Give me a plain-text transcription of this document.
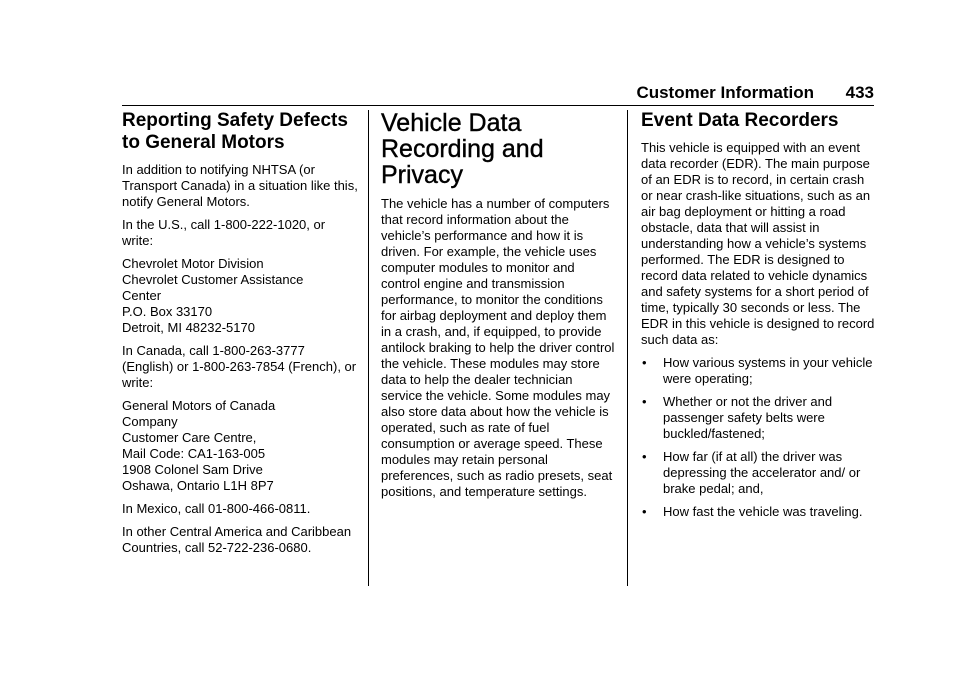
Customer Information 433
Reporting Safety Defects
to General Motors

In addition to notifying NHTSA (or Transport Canada) in a situation like this, notify General Motors.

In the U.S., call 1-800-222-1020, or write:

Chevrolet Motor Division
Chevrolet Customer Assistance
Center
P.O. Box 33170
Detroit, MI 48232-5170

In Canada, call 1-800-263-3777 (English) or 1-800-263-7854 (French), or write:

General Motors of Canada
Company
Customer Care Centre,
Mail Code: CA1-163-005
1908 Colonel Sam Drive
Oshawa, Ontario L1H 8P7

In Mexico, call 01-800-466-0811.

In other Central America and Caribbean Countries, call 52-722-236-0680.

Vehicle Data
Recording and
Privacy

The vehicle has a number of computers that record information about the vehicle’s performance and how it is driven. For example, the vehicle uses computer modules to monitor and control engine and transmission performance, to monitor the conditions for airbag deployment and deploy them in a crash, and, if equipped, to provide antilock braking to help the driver control the vehicle. These modules may store data to help the dealer technician service the vehicle. Some modules may also store data about how the vehicle is operated, such as rate of fuel consumption or average speed. These modules may retain personal preferences, such as radio presets, seat positions, and temperature settings.

Event Data Recorders

This vehicle is equipped with an event data recorder (EDR). The main purpose of an EDR is to record, in certain crash or near crash-like situations, such as an air bag deployment or hitting a road obstacle, data that will assist in understanding how a vehicle’s systems performed. The EDR is designed to record data related to vehicle dynamics and safety systems for a short period of time, typically 30 seconds or less. The EDR in this vehicle is designed to record such data as:

• How various systems in your vehicle were operating;
• Whether or not the driver and passenger safety belts were buckled/fastened;
• How far (if at all) the driver was depressing the accelerator and/ or brake pedal; and,
• How fast the vehicle was traveling.
